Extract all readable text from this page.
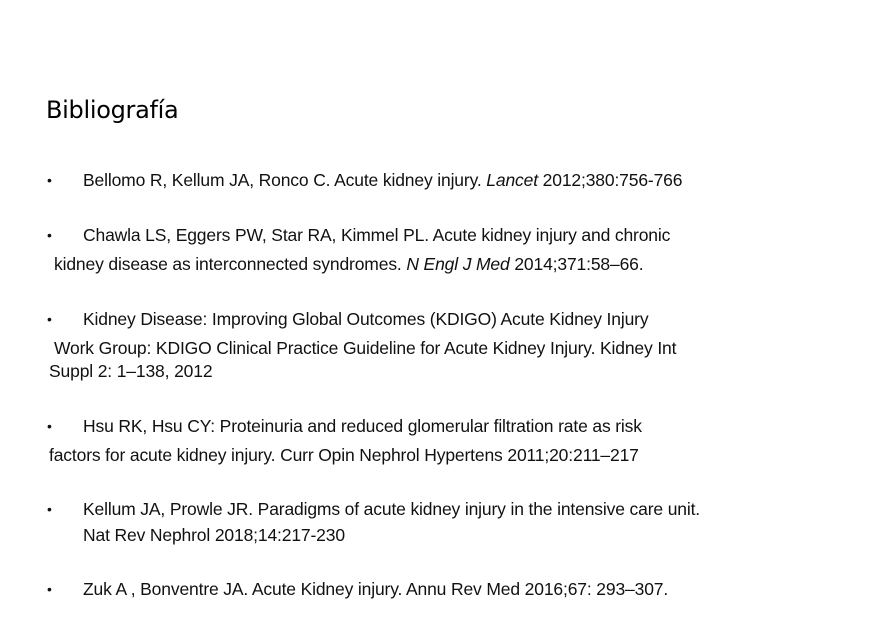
Bibliografía
• Bellomo R, Kellum JA, Ronco C. Acute kidney injury. Lancet 2012;380:756-766
• Chawla LS, Eggers PW, Star RA, Kimmel PL. Acute kidney injury and chronic
kidney disease as interconnected syndromes. N Engl J Med 2014;371:58–66.
• Kidney Disease: Improving Global Outcomes (KDIGO) Acute Kidney Injury
Work Group: KDIGO Clinical Practice Guideline for Acute Kidney Injury. Kidney Int
Suppl 2: 1–138, 2012
• Hsu RK, Hsu CY: Proteinuria and reduced glomerular filtration rate as risk
factors for acute kidney injury. Curr Opin Nephrol Hypertens 2011;20:211–217
• Kellum JA, Prowle JR. Paradigms of acute kidney injury in the intensive care unit.
Nat Rev Nephrol 2018;14:217-230
• Zuk A , Bonventre JA. Acute Kidney injury. Annu Rev Med 2016;67: 293–307.
